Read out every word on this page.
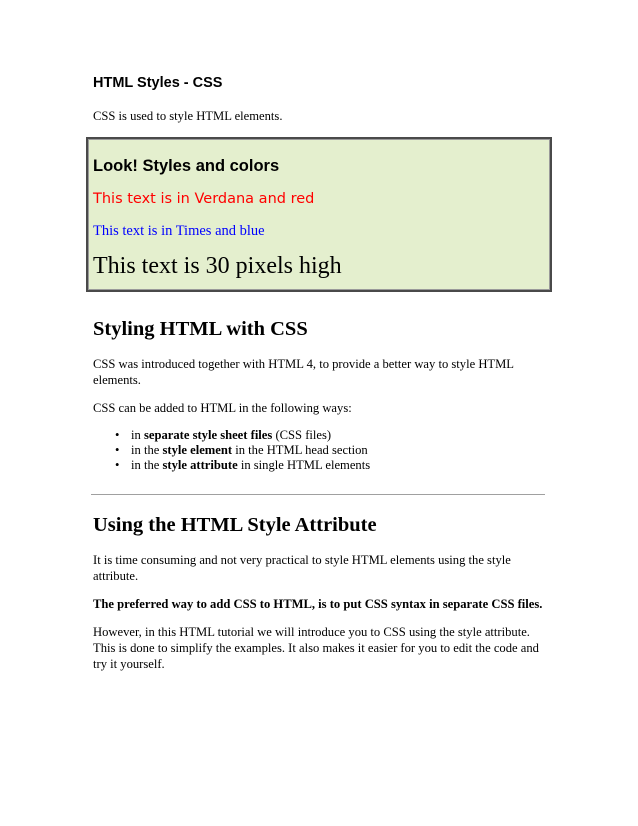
HTML Styles - CSS

CSS is used to style HTML elements.

Look! Styles and colors

This text is in Verdana and red

This text is in Times and blue

This text is 30 pixels high

Styling HTML with CSS

CSS was introduced together with HTML 4, to provide a better way to style HTML

elements.

CSS can be added to HTML in the following ways:

• in separate style sheet files (CSS files)
• in the style element in the HTML head section
• in the style attribute in single HTML elements
Using the HTML Style Attribute

It is time consuming and not very practical to style HTML elements using the style

attribute.

The preferred way to add CSS to HTML, is to put CSS syntax in separate CSS files.

However, in this HTML tutorial we will introduce you to CSS using the style attribute.

This is done to simplify the examples. It also makes it easier for you to edit the code and

try it yourself.
